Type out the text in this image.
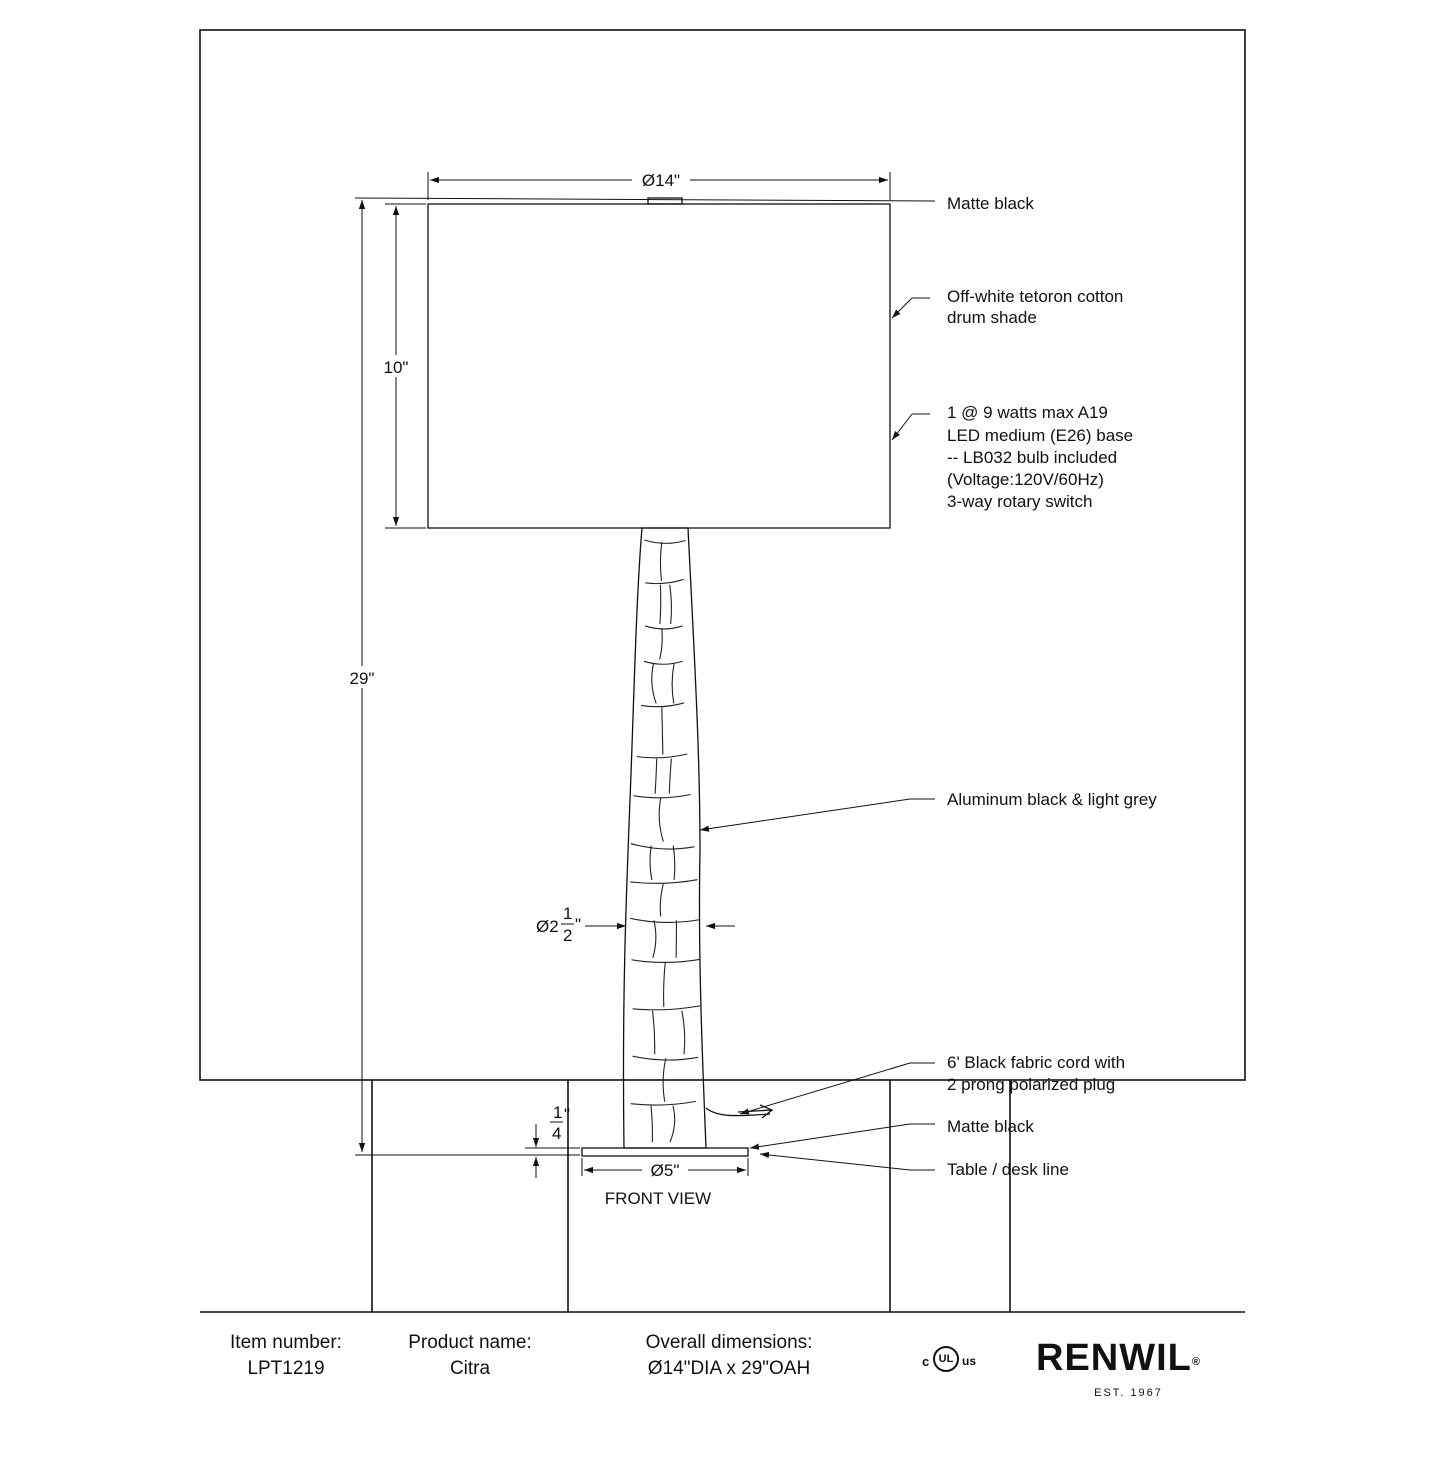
Ø14"
10"
29"
Ø2
1
2
"
1
4
"
Ø5"
FRONT VIEW
Matte black
Off-white tetoron cotton
drum shade
1 @ 9 watts max A19
LED medium (E26) base
-- LB032 bulb included
(Voltage:120V/60Hz)
3-way rotary switch
Aluminum black & light grey
6' Black fabric cord with
2 prong polarized plug
Matte black
Table / desk line
Item number:
LPT1219
Product name:
Citra
Overall dimensions:
Ø14"DIA x 29"OAH	c UL us RENWIL®
EST. 1967
